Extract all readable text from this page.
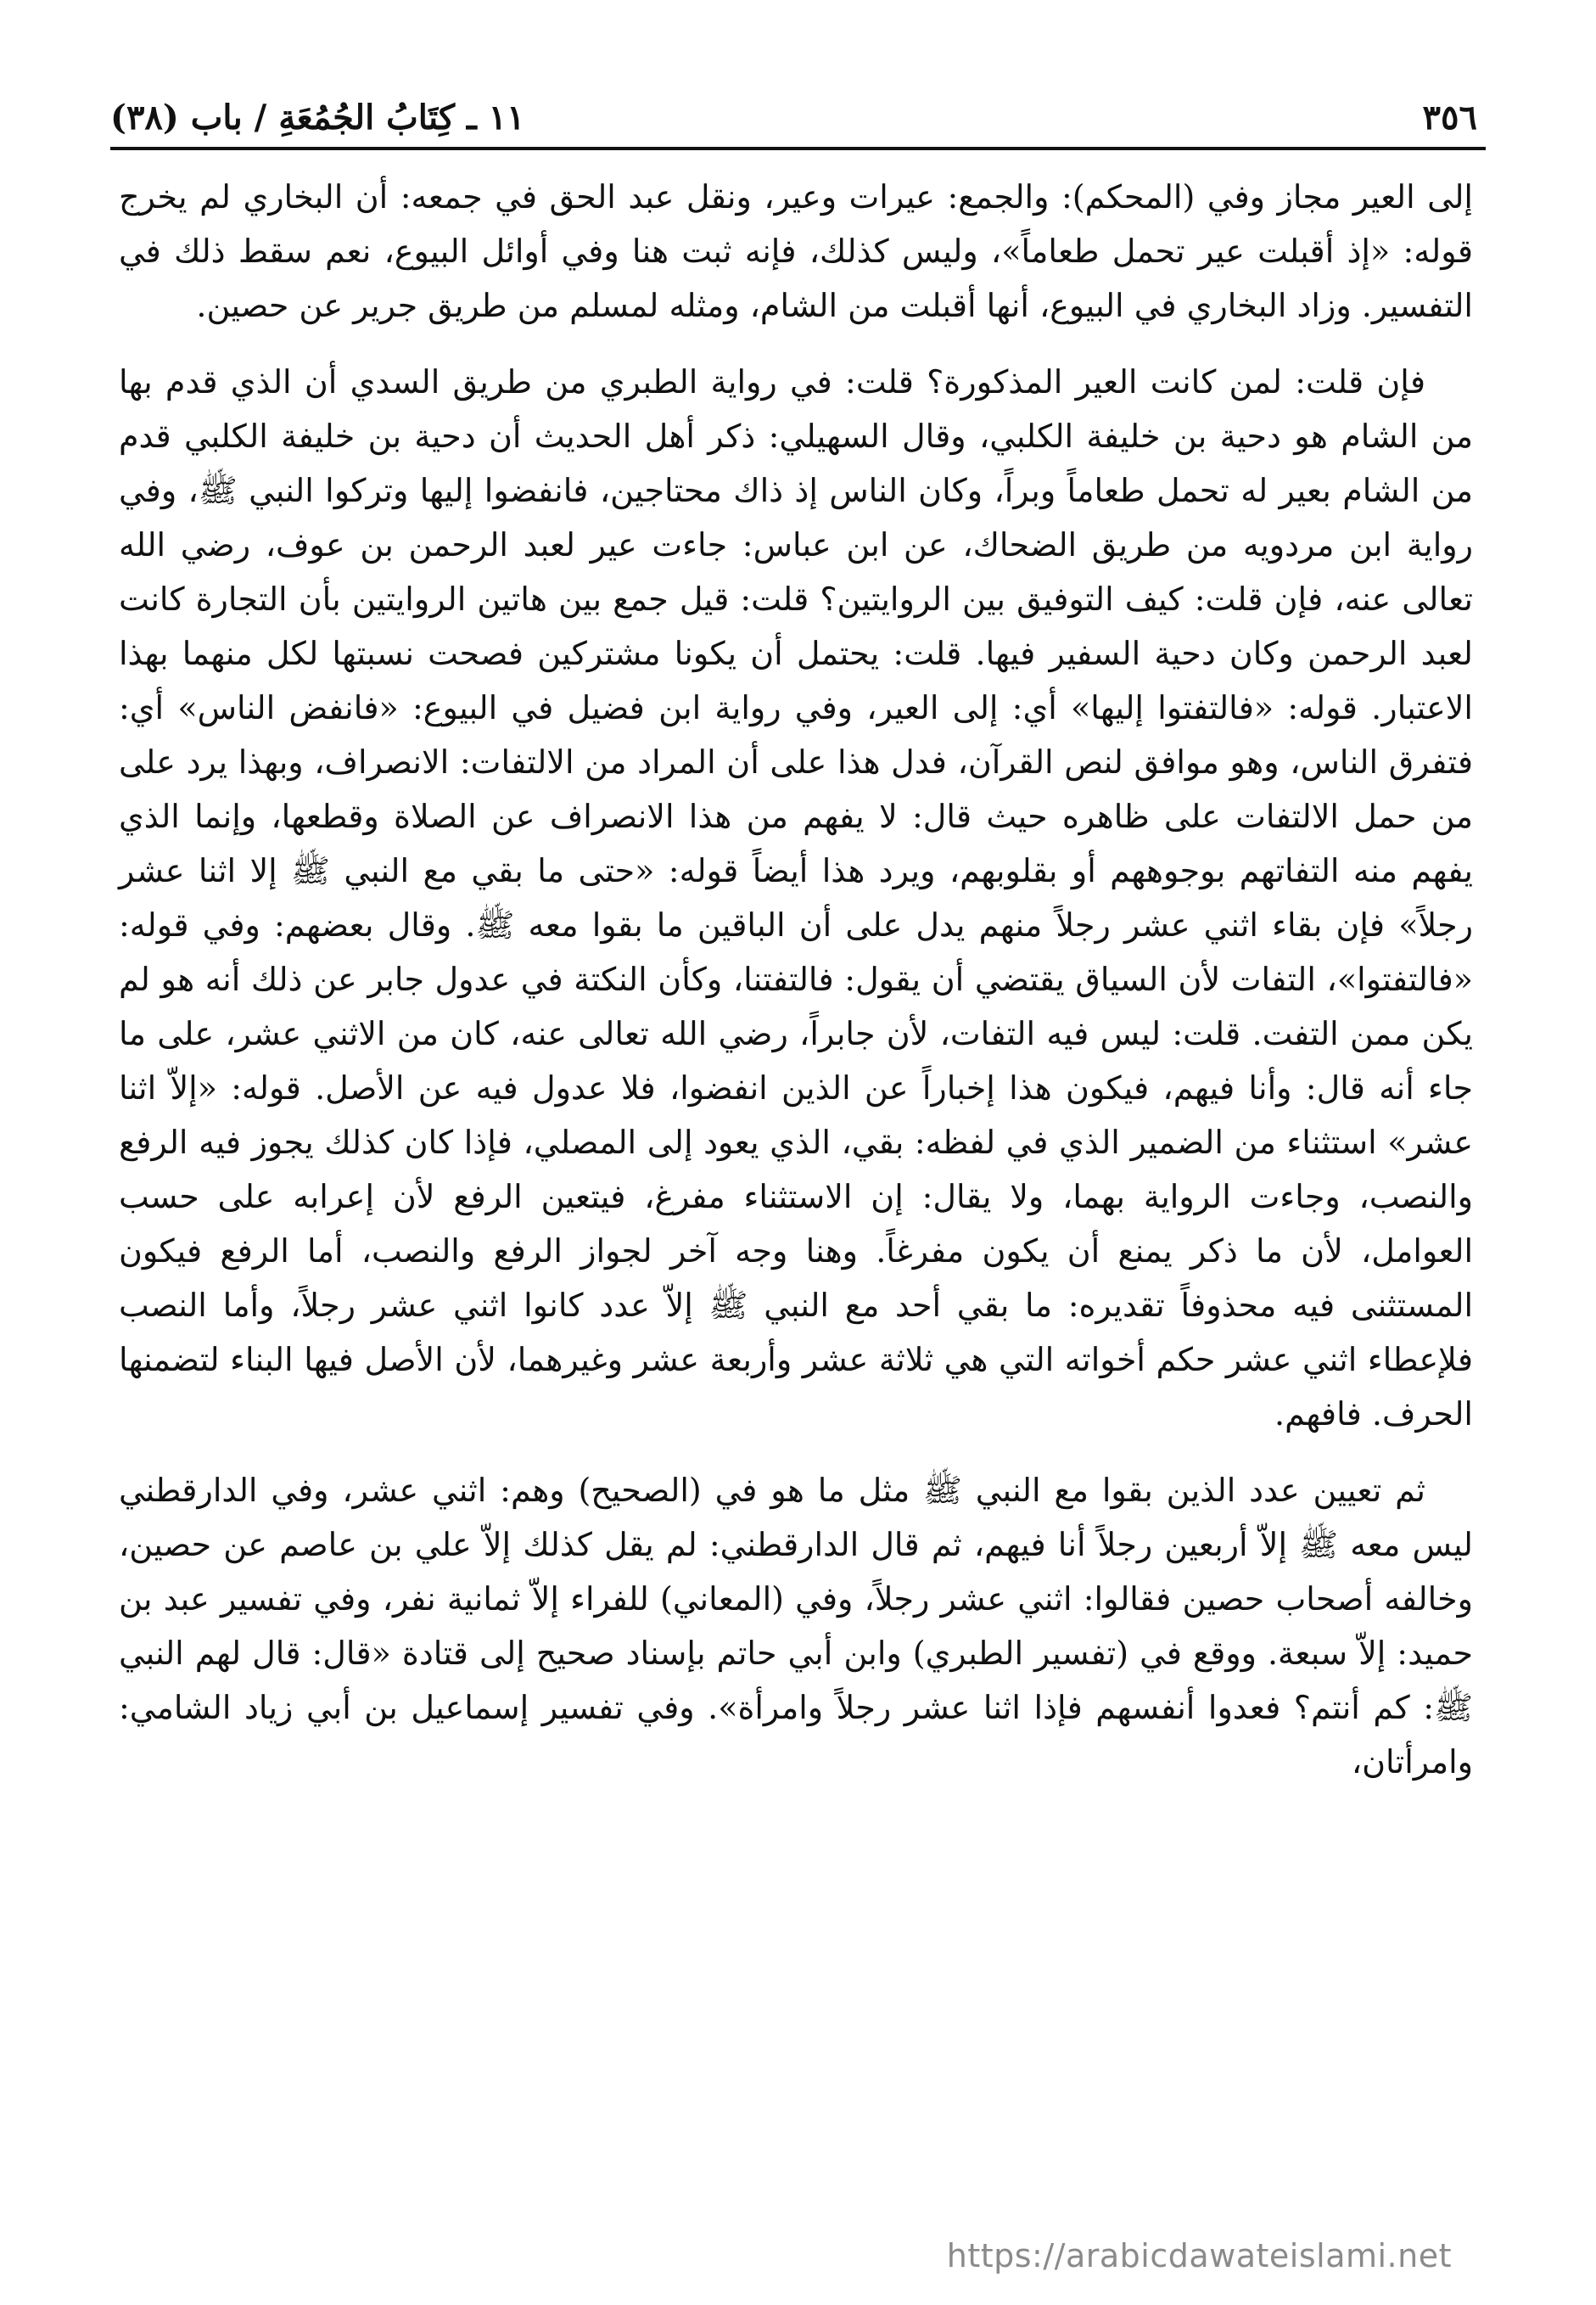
٣٥٦
١١ ـ كِتَابُ الجُمُعَةِ / باب (٣٨)

إلى العير مجاز وفي (المحكم): والجمع: عيرات وعير، ونقل عبد الحق في جمعه: أن البخاري لم يخرج قوله: «إذ أقبلت عير تحمل طعاماً»، وليس كذلك، فإنه ثبت هنا وفي أوائل البيوع، نعم سقط ذلك في التفسير. وزاد البخاري في البيوع، أنها أقبلت من الشام، ومثله لمسلم من طريق جرير عن حصين.

فإن قلت: لمن كانت العير المذكورة؟ قلت: في رواية الطبري من طريق السدي أن الذي قدم بها من الشام هو دحية بن خليفة الكلبي، وقال السهيلي: ذكر أهل الحديث أن دحية بن خليفة الكلبي قدم من الشام بعير له تحمل طعاماً وبراً، وكان الناس إذ ذاك محتاجين، فانفضوا إليها وتركوا النبي ﷺ، وفي رواية ابن مردويه من طريق الضحاك، عن ابن عباس: جاءت عير لعبد الرحمن بن عوف، رضي الله تعالى عنه، فإن قلت: كيف التوفيق بين الروايتين؟ قلت: قيل جمع بين هاتين الروايتين بأن التجارة كانت لعبد الرحمن وكان دحية السفير فيها. قلت: يحتمل أن يكونا مشتركين فصحت نسبتها لكل منهما بهذا الاعتبار. قوله: «فالتفتوا إليها» أي: إلى العير، وفي رواية ابن فضيل في البيوع: «فانفض الناس» أي: فتفرق الناس، وهو موافق لنص القرآن، فدل هذا على أن المراد من الالتفات: الانصراف، وبهذا يرد على من حمل الالتفات على ظاهره حيث قال: لا يفهم من هذا الانصراف عن الصلاة وقطعها، وإنما الذي يفهم منه التفاتهم بوجوههم أو بقلوبهم، ويرد هذا أيضاً قوله: «حتى ما بقي مع النبي ﷺ إلا اثنا عشر رجلاً» فإن بقاء اثني عشر رجلاً منهم يدل على أن الباقين ما بقوا معه ﷺ. وقال بعضهم: وفي قوله: «فالتفتوا»، التفات لأن السياق يقتضي أن يقول: فالتفتنا، وكأن النكتة في عدول جابر عن ذلك أنه هو لم يكن ممن التفت. قلت: ليس فيه التفات، لأن جابراً، رضي الله تعالى عنه، كان من الاثني عشر، على ما جاء أنه قال: وأنا فيهم، فيكون هذا إخباراً عن الذين انفضوا، فلا عدول فيه عن الأصل. قوله: «إلاّ اثنا عشر» استثناء من الضمير الذي في لفظه: بقي، الذي يعود إلى المصلي، فإذا كان كذلك يجوز فيه الرفع والنصب، وجاءت الرواية بهما، ولا يقال: إن الاستثناء مفرغ، فيتعين الرفع لأن إعرابه على حسب العوامل، لأن ما ذكر يمنع أن يكون مفرغاً. وهنا وجه آخر لجواز الرفع والنصب، أما الرفع فيكون المستثنى فيه محذوفاً تقديره: ما بقي أحد مع النبي ﷺ إلاّ عدد كانوا اثني عشر رجلاً، وأما النصب فلإعطاء اثني عشر حكم أخواته التي هي ثلاثة عشر وأربعة عشر وغيرهما، لأن الأصل فيها البناء لتضمنها الحرف. فافهم.

ثم تعيين عدد الذين بقوا مع النبي ﷺ مثل ما هو في (الصحيح) وهم: اثني عشر، وفي الدارقطني ليس معه ﷺ إلاّ أربعين رجلاً أنا فيهم، ثم قال الدارقطني: لم يقل كذلك إلاّ علي بن عاصم عن حصين، وخالفه أصحاب حصين فقالوا: اثني عشر رجلاً، وفي (المعاني) للفراء إلاّ ثمانية نفر، وفي تفسير عبد بن حميد: إلاّ سبعة. ووقع في (تفسير الطبري) وابن أبي حاتم بإسناد صحيح إلى قتادة «قال: قال لهم النبي ﷺ: كم أنتم؟ فعدوا أنفسهم فإذا اثنا عشر رجلاً وامرأة». وفي تفسير إسماعيل بن أبي زياد الشامي: وامرأتان،

https://arabicdawateislami.net
